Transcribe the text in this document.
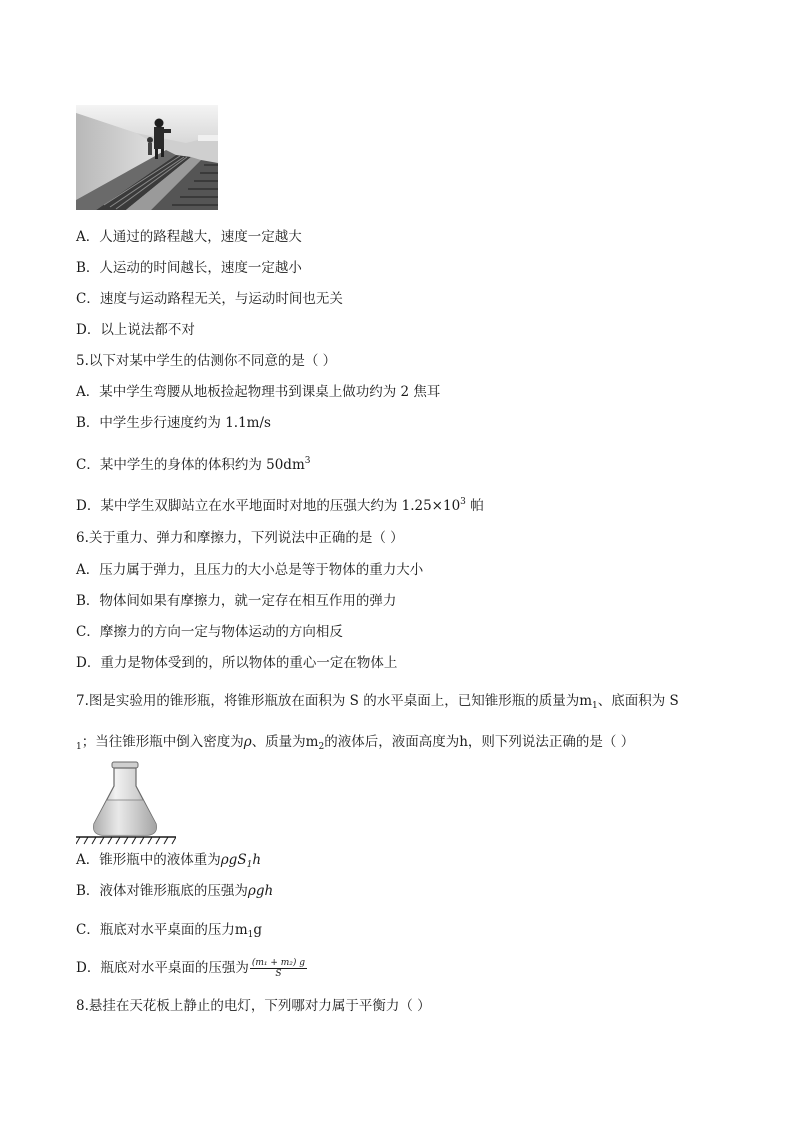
A．人通过的路程越大，速度一定越大
B．人运动的时间越长，速度一定越小
C．速度与运动路程无关，与运动时间也无关
D．以上说法都不对
5.以下对某中学生的估测你不同意的是（ ）
A．某中学生弯腰从地板捡起物理书到课桌上做功约为 2 焦耳
B．中学生步行速度约为 1.1m/s
C．某中学生的身体的体积约为 $50dm^3$
D．某中学生双脚站立在水平地面时对地的压强大约为 $1.25\times 10^3$ 帕
6.关于重力、弹力和摩擦力，下列说法中正确的是（ ）
A．压力属于弹力，且压力的大小总是等于物体的重力大小
B．物体间如果有摩擦力，就一定存在相互作用的弹力
C．摩擦力的方向一定与物体运动的方向相反
D．重力是物体受到的，所以物体的重心一定在物体上
7.图是实验用的锥形瓶，将锥形瓶放在面积为 S 的水平桌面上，已知锥形瓶的质量为$m_1$、底面积为 S
$_1$；当往锥形瓶中倒入密度为ρ、质量为$m_2$的液体后，液面高度为h，则下列说法正确的是（ ）
A．锥形瓶中的液体重为ρgS$_1$h
B．液体对锥形瓶底的压强为ρgh
C．瓶底对水平桌面的压力$m_1g$
D．瓶底对水平桌面的压强为 $\frac{\text{(m₁ + m₂) g}}{S}$
8.悬挂在天花板上静止的电灯，下列哪对力属于平衡力（ ）
